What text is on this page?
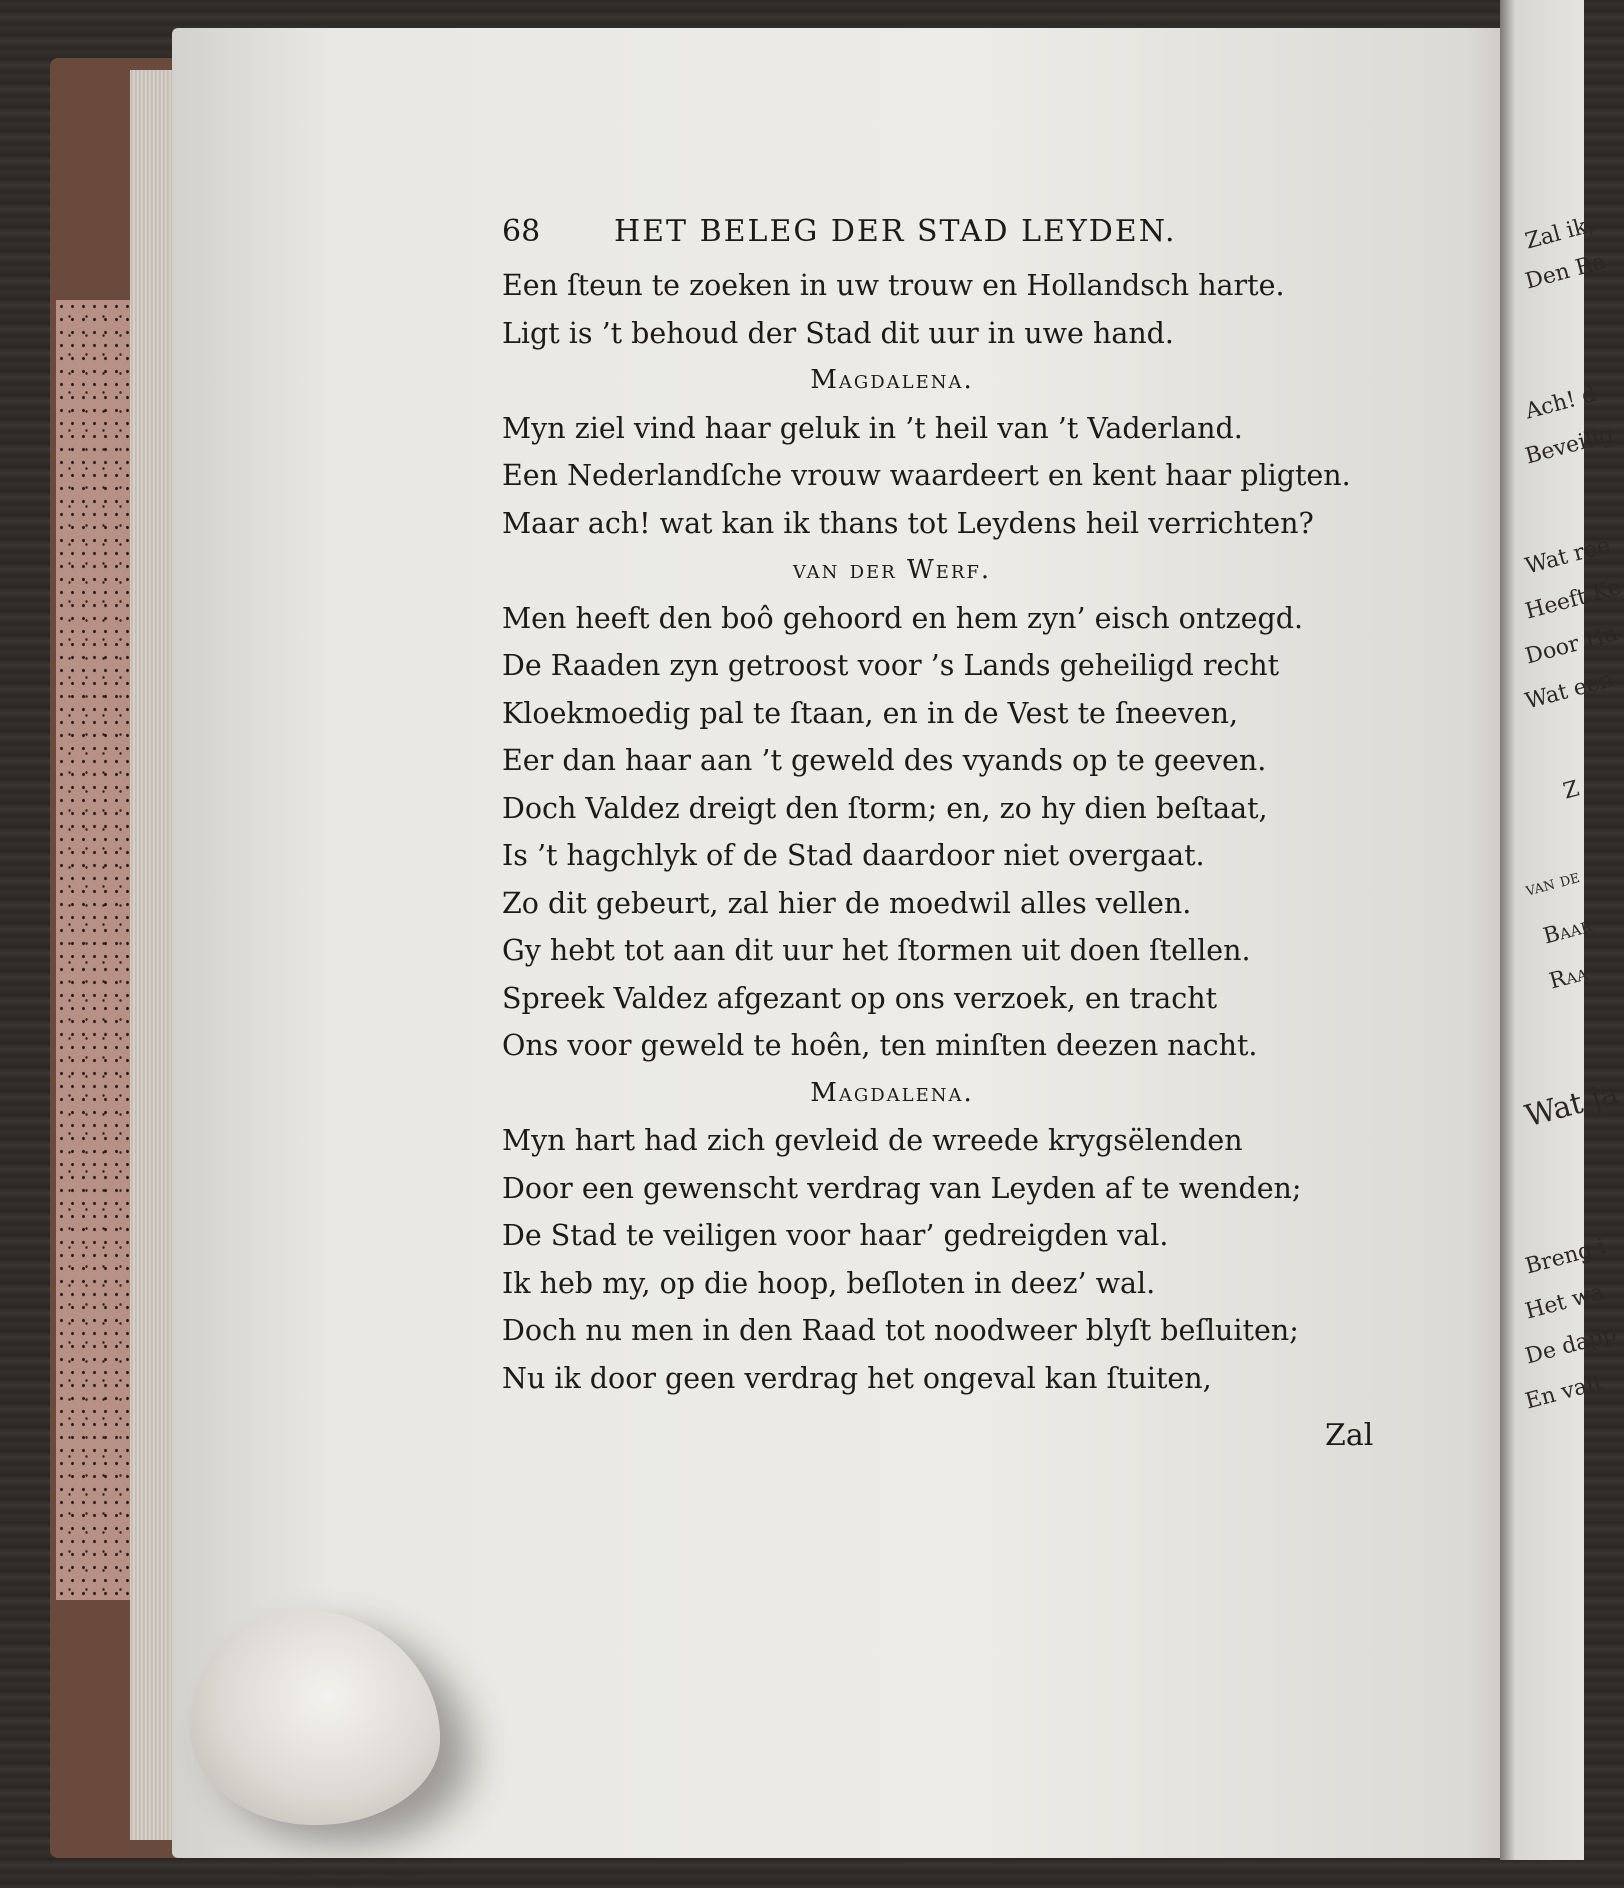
Zal ik,
Den Ra
Ach! d
Beveilig
Wat roe
Heeft Ke
Door Ha
Wat een
Z
van de
Baar
Raa
Wat ja
Breng i
Het wa
De dapp
En valt
68 HET BELEG DER STAD LEYDEN.
Een ſteun te zoeken in uw trouw en Hollandsch harte.
Ligt is ’t behoud der Stad dit uur in uwe hand.
Magdalena.
Myn ziel vind haar geluk in ’t heil van ’t Vaderland.
Een Nederlandſche vrouw waardeert en kent haar pligten.
Maar ach! wat kan ik thans tot Leydens heil verrichten?
van der Werf.
Men heeft den boô gehoord en hem zyn’ eisch ontzegd.
De Raaden zyn getroost voor ’s Lands geheiligd recht
Kloekmoedig pal te ſtaan, en in de Vest te ſneeven,
Eer dan haar aan ’t geweld des vyands op te geeven.
Doch Valdez dreigt den ſtorm; en, zo hy dien beſtaat,
Is ’t hagchlyk of de Stad daardoor niet overgaat.
Zo dit gebeurt, zal hier de moedwil alles vellen.
Gy hebt tot aan dit uur het ſtormen uit doen ſtellen.
Spreek Valdez afgezant op ons verzoek, en tracht
Ons voor geweld te hoên, ten minſten deezen nacht.
Magdalena.
Myn hart had zich gevleid de wreede krygsëlenden
Door een gewenscht verdrag van Leyden af te wenden;
De Stad te veiligen voor haar’ gedreigden val.
Ik heb my, op die hoop, beſloten in deez’ wal.
Doch nu men in den Raad tot noodweer blyſt beſluiten;
Nu ik door geen verdrag het ongeval kan ſtuiten,
Zal
